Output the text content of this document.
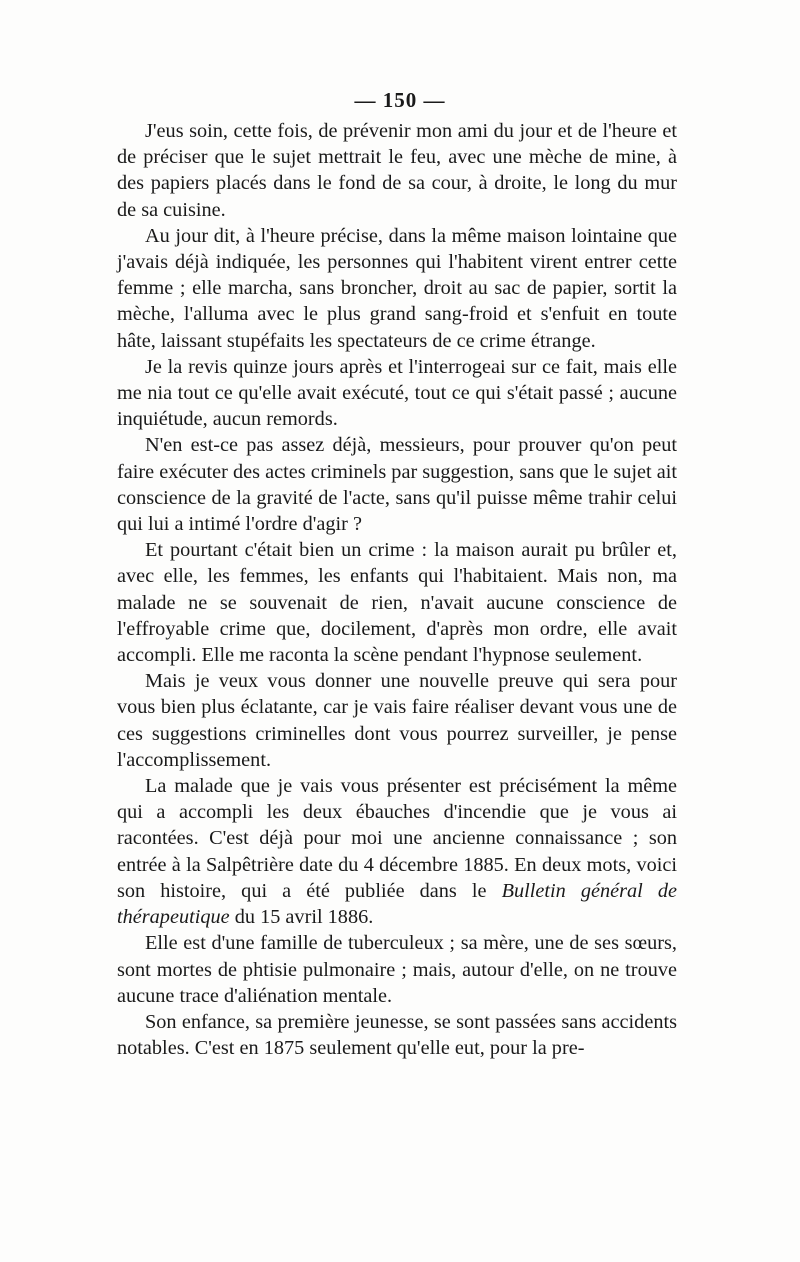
— 150 —

J'eus soin, cette fois, de prévenir mon ami du jour et de l'heure et de préciser que le sujet mettrait le feu, avec une mèche de mine, à des papiers placés dans le fond de sa cour, à droite, le long du mur de sa cuisine.

Au jour dit, à l'heure précise, dans la même maison lointaine que j'avais déjà indiquée, les personnes qui l'habitent virent entrer cette femme ; elle marcha, sans broncher, droit au sac de papier, sortit la mèche, l'alluma avec le plus grand sang-froid et s'enfuit en toute hâte, laissant stupéfaits les spectateurs de ce crime étrange.

Je la revis quinze jours après et l'interrogeai sur ce fait, mais elle me nia tout ce qu'elle avait exécuté, tout ce qui s'était passé ; aucune inquiétude, aucun remords.

N'en est-ce pas assez déjà, messieurs, pour prouver qu'on peut faire exécuter des actes criminels par suggestion, sans que le sujet ait conscience de la gravité de l'acte, sans qu'il puisse même trahir celui qui lui a intimé l'ordre d'agir ?

Et pourtant c'était bien un crime : la maison aurait pu brûler et, avec elle, les femmes, les enfants qui l'habitaient. Mais non, ma malade ne se souvenait de rien, n'avait aucune conscience de l'effroyable crime que, docilement, d'après mon ordre, elle avait accompli. Elle me raconta la scène pendant l'hypnose seulement.

Mais je veux vous donner une nouvelle preuve qui sera pour vous bien plus éclatante, car je vais faire réaliser devant vous une de ces suggestions criminelles dont vous pourrez surveiller, je pense l'accomplissement.

La malade que je vais vous présenter est précisément la même qui a accompli les deux ébauches d'incendie que je vous ai racontées. C'est déjà pour moi une ancienne connaissance ; son entrée à la Salpêtrière date du 4 décembre 1885. En deux mots, voici son histoire, qui a été publiée dans le Bulletin général de thérapeutique du 15 avril 1886.

Elle est d'une famille de tuberculeux ; sa mère, une de ses sœurs, sont mortes de phtisie pulmonaire ; mais, autour d'elle, on ne trouve aucune trace d'aliénation mentale.

Son enfance, sa première jeunesse, se sont passées sans accidents notables. C'est en 1875 seulement qu'elle eut, pour la pre-
